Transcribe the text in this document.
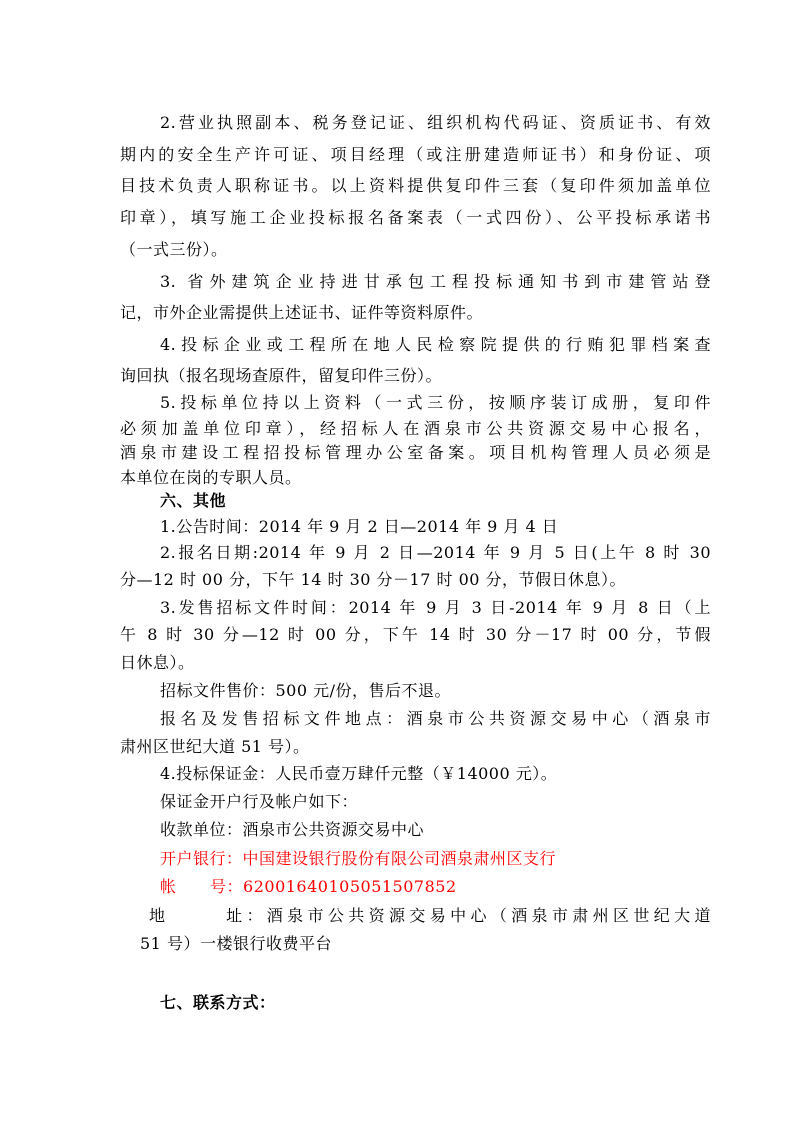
2.营业执照副本、税务登记证、组织机构代码证、资质证书、有效
期内的安全生产许可证、项目经理（或注册建造师证书）和身份证、项
目技术负责人职称证书。以上资料提供复印件三套（复印件须加盖单位
印章），填写施工企业投标报名备案表（一式四份）、公平投标承诺书
（一式三份）。
3. 省外建筑企业持进甘承包工程投标通知书到市建管站登
记，市外企业需提供上述证书、证件等资料原件。
4.投标企业或工程所在地人民检察院提供的行贿犯罪档案查
询回执（报名现场查原件，留复印件三份）。
5.投标单位持以上资料（一式三份，按顺序装订成册，复印件
必须加盖单位印章），经招标人在酒泉市公共资源交易中心报名，
酒泉市建设工程招投标管理办公室备案。项目机构管理人员必须是
本单位在岗的专职人员。
六、其他
1.公告时间：2014 年 9 月 2 日—2014 年 9 月 4 日
2.报名日期:2014 年 9 月 2 日—2014 年 9 月 5 日(上午 8 时 30
分—12 时 00 分，下午 14 时 30 分－17 时 00 分，节假日休息）。
3.发售招标文件时间：2014 年 9 月 3 日-2014 年 9 月 8 日（上
午 8 时 30 分—12 时 00 分，下午 14 时 30 分－17 时 00 分，节假
日休息）。
招标文件售价：500 元/份，售后不退。
报名及发售招标文件地点：酒泉市公共资源交易中心（酒泉市
肃州区世纪大道 51 号）。
4.投标保证金：人民币壹万肆仟元整（￥14000 元）。
保证金开户行及帐户如下：
收款单位：酒泉市公共资源交易中心
开户银行：中国建设银行股份有限公司酒泉肃州区支行
帐      号：62001640105051507852
地      址：酒泉市公共资源交易中心（酒泉市肃州区世纪大道
51 号）一楼银行收费平台
七、联系方式：
